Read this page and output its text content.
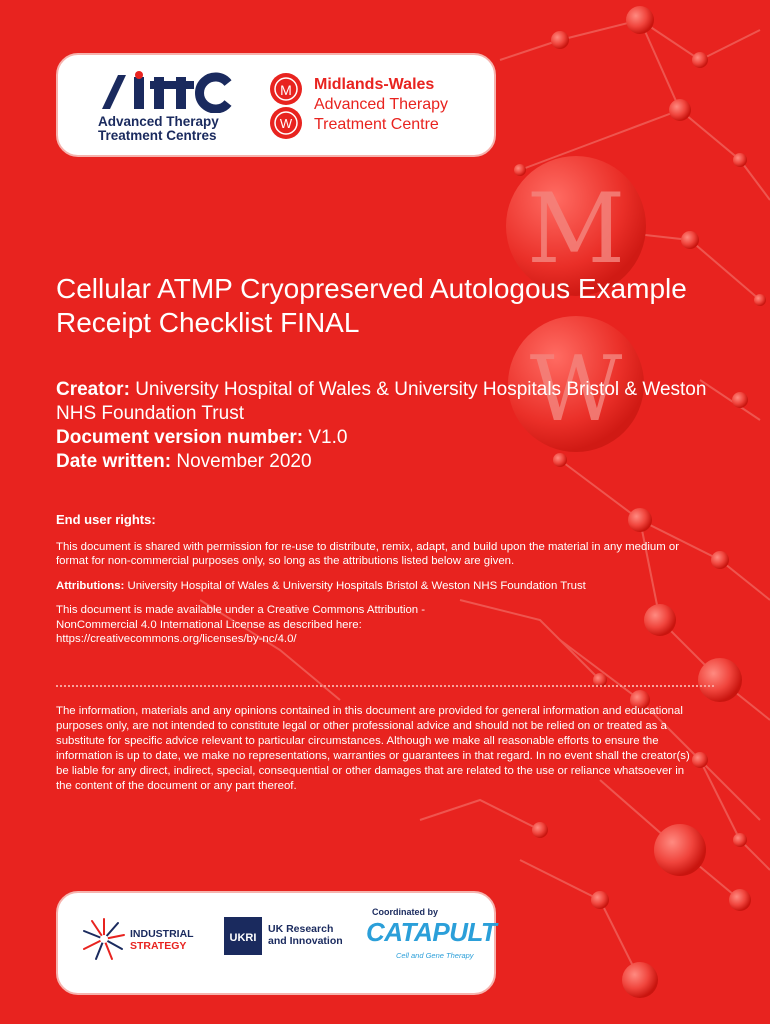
M
W
Advanced Therapy
Treatment Centres
M
W
Midlands-Wales
Advanced Therapy
Treatment Centre
Cellular ATMP Cryopreserved Autologous Example Receipt Checklist FINAL
Creator: University Hospital of Wales & University Hospitals Bristol & Weston NHS Foundation Trust
Document version number: V1.0
Date written: November 2020
End user rights:

This document is shared with permission for re-use to distribute, remix, adapt, and build upon the material in any medium or format for non-commercial purposes only, so long as the attributions listed below are given.

Attributions: University Hospital of Wales & University Hospitals Bristol & Weston NHS Foundation Trust

This document is made available under a Creative Commons Attribution -
NonCommercial 4.0 International License as described here:
https://creativecommons.org/licenses/by-nc/4.0/

The information, materials and any opinions contained in this document are provided for general information and educational purposes only, are not intended to constitute legal or other professional advice and should not be relied on or treated as a substitute for specific advice relevant to particular circumstances. Although we make all reasonable efforts to ensure the information is up to date, we make no representations, warranties or guarantees in that regard. In no event shall the creator(s) be liable for any direct, indirect, special, consequential or other damages that are related to the use or reliance whatsoever in the content of the document or any part thereof.
INDUSTRIAL
STRATEGY
UKRI
UK Research
and Innovation
Coordinated by
CATAPULT
Cell and Gene Therapy
